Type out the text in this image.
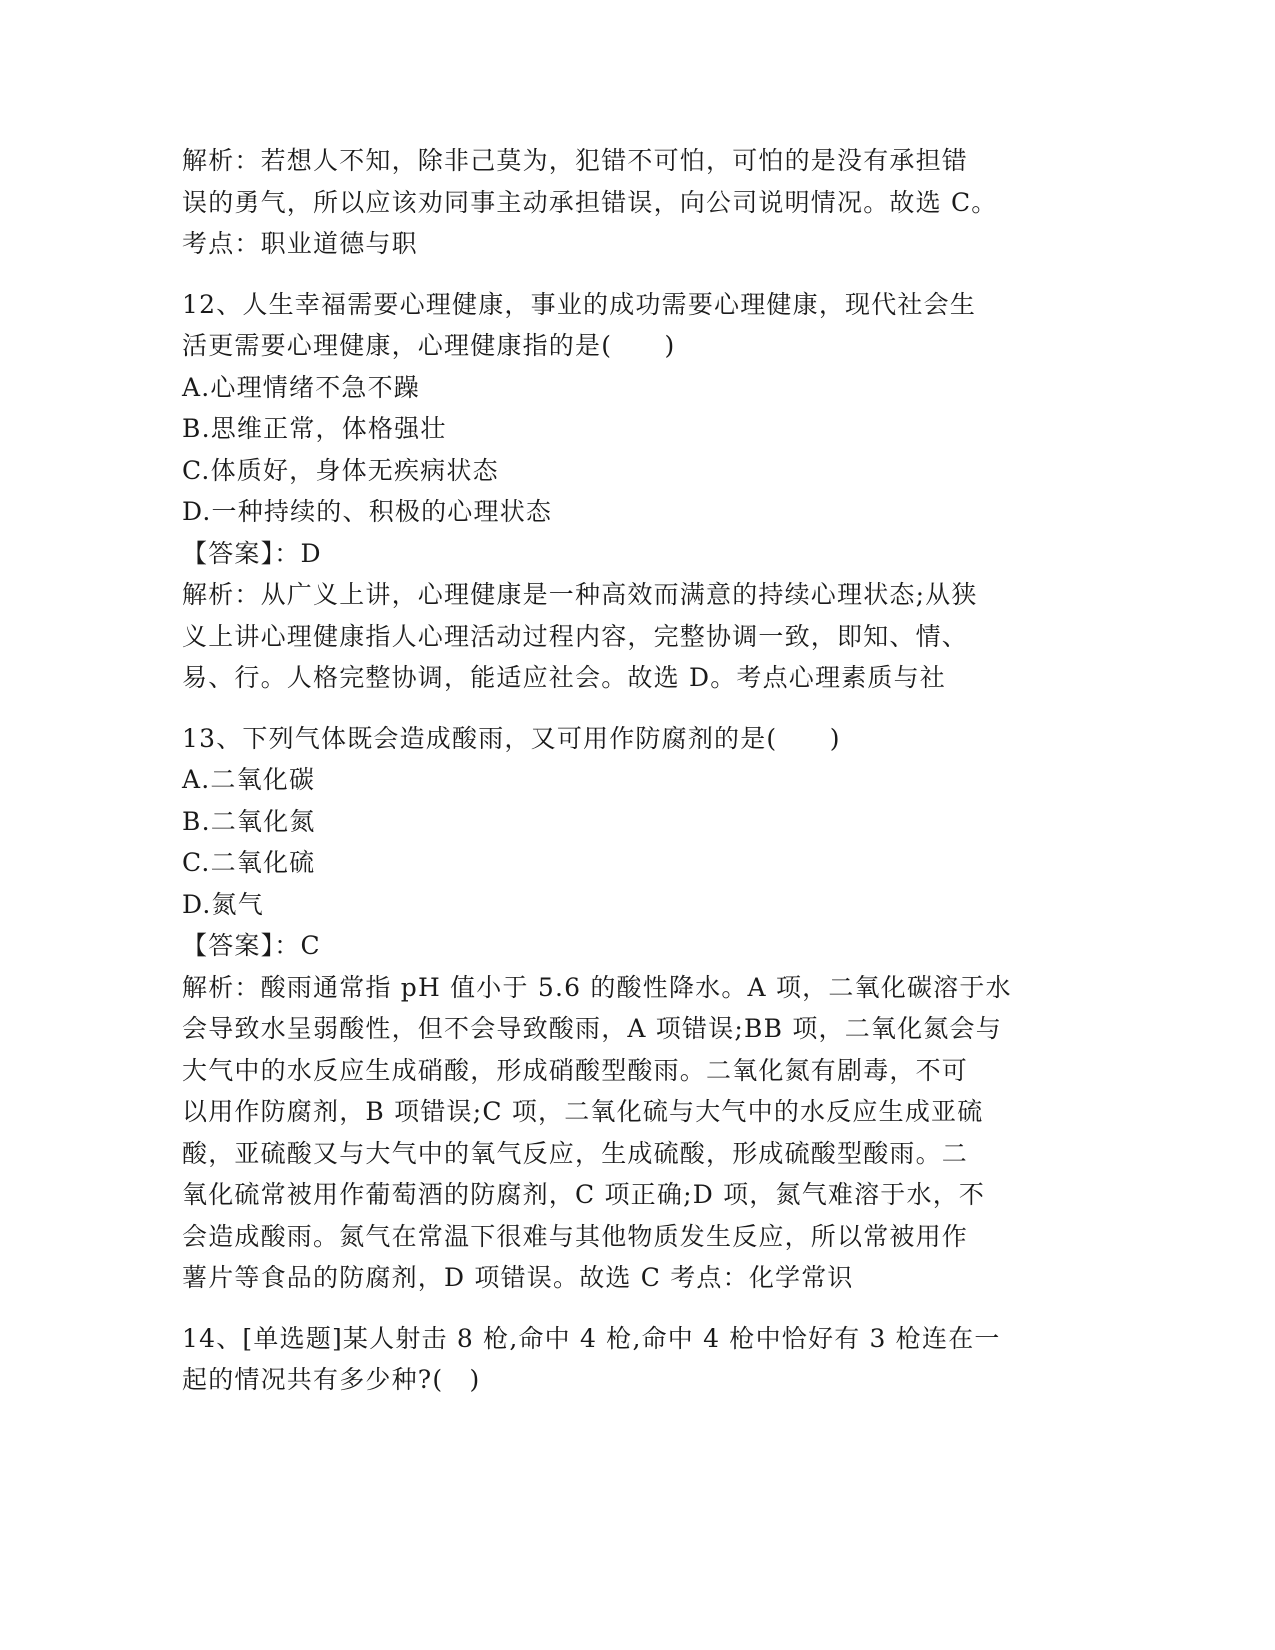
解析：若想人不知，除非己莫为，犯错不可怕，可怕的是没有承担错
误的勇气，所以应该劝同事主动承担错误，向公司说明情况。故选 C。
考点：职业道德与职
12、人生幸福需要心理健康，事业的成功需要心理健康，现代社会生
活更需要心理健康，心理健康指的是(　　)
A.心理情绪不急不躁
B.思维正常，体格强壮
C.体质好，身体无疾病状态
D.一种持续的、积极的心理状态
【答案】：D
解析：从广义上讲，心理健康是一种高效而满意的持续心理状态;从狭
义上讲心理健康指人心理活动过程内容，完整协调一致，即知、情、
易、行。人格完整协调，能适应社会。故选 D。考点心理素质与社
13、下列气体既会造成酸雨，又可用作防腐剂的是(　　)
A.二氧化碳
B.二氧化氮
C.二氧化硫
D.氮气
【答案】：C
解析：酸雨通常指 pH 值小于 5.6 的酸性降水。A 项，二氧化碳溶于水
会导致水呈弱酸性，但不会导致酸雨，A 项错误;BB 项，二氧化氮会与
大气中的水反应生成硝酸，形成硝酸型酸雨。二氧化氮有剧毒，不可
以用作防腐剂，B 项错误;C 项，二氧化硫与大气中的水反应生成亚硫
酸，亚硫酸又与大气中的氧气反应，生成硫酸，形成硫酸型酸雨。二
氧化硫常被用作葡萄酒的防腐剂，C 项正确;D 项，氮气难溶于水，不
会造成酸雨。氮气在常温下很难与其他物质发生反应，所以常被用作
薯片等食品的防腐剂，D 项错误。故选 C 考点：化学常识
14、[单选题]某人射击 8 枪,命中 4 枪,命中 4 枪中恰好有 3 枪连在一
起的情况共有多少种?(　)
